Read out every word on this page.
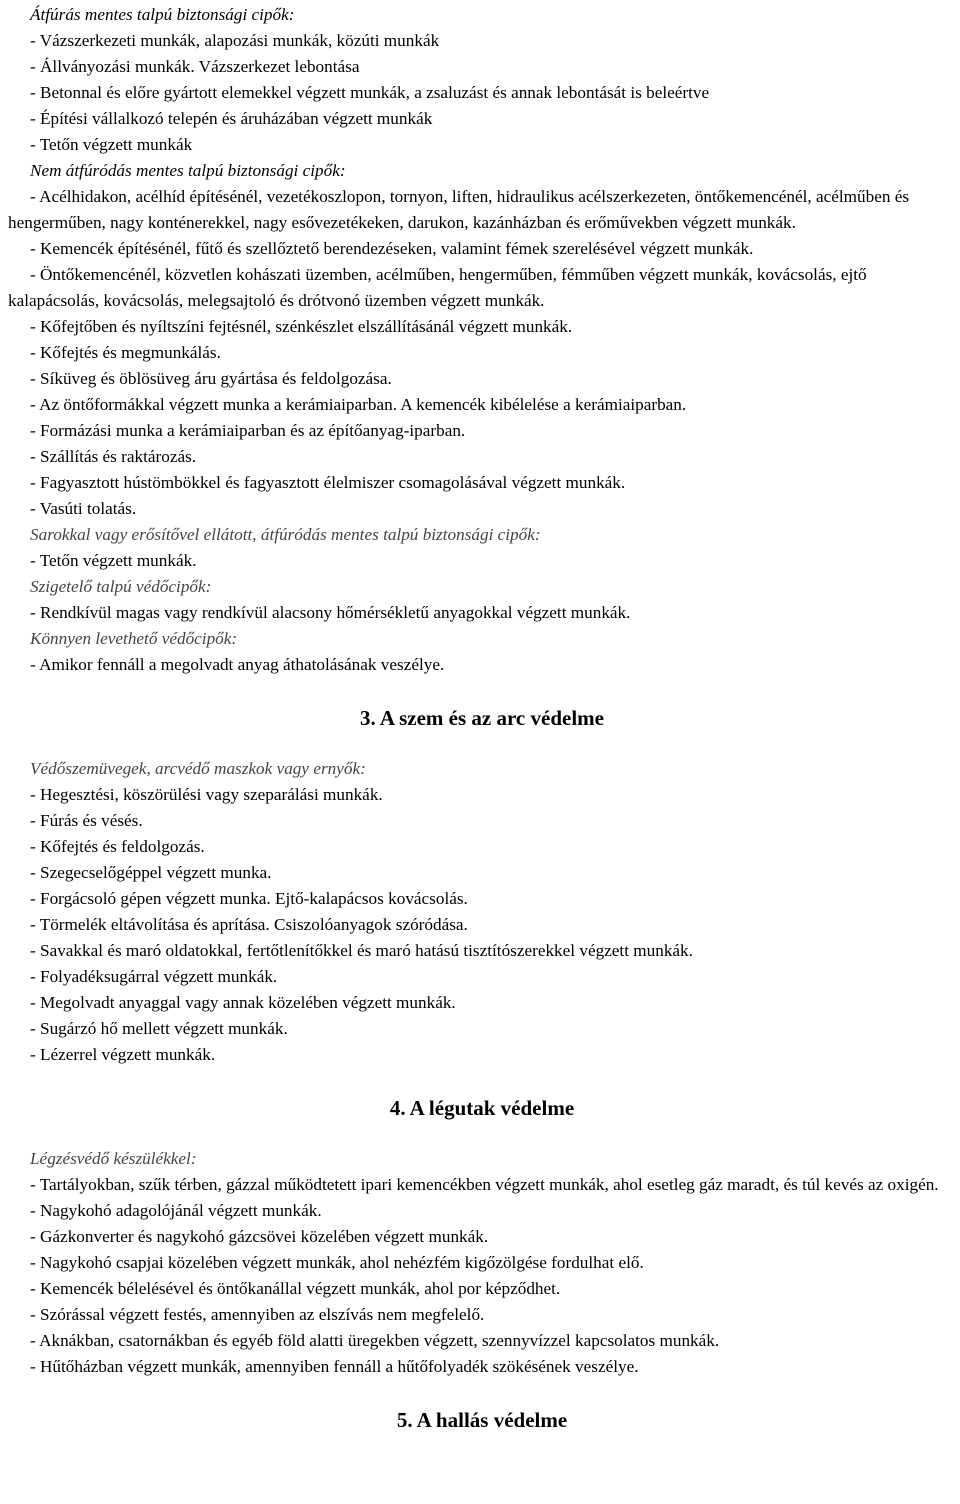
Átfúrás mentes talpú biztonsági cipők:

- Vázszerkezeti munkák, alapozási munkák, közúti munkák

- Állványozási munkák. Vázszerkezet lebontása

- Betonnal és előre gyártott elemekkel végzett munkák, a zsaluzást és annak lebontását is beleértve

- Építési vállalkozó telepén és áruházában végzett munkák

- Tetőn végzett munkák

Nem átfúródás mentes talpú biztonsági cipők:

- Acélhidakon, acélhíd építésénél, vezetékoszlopon, tornyon, liften, hidraulikus acélszerkezeten, öntőkemencénél, acélműben és hengerműben, nagy konténerekkel, nagy esővezetékeken, darukon, kazánházban és erőművekben végzett munkák.

- Kemencék építésénél, fűtő és szellőztető berendezéseken, valamint fémek szerelésével végzett munkák.

- Öntőkemencénél, közvetlen kohászati üzemben, acélműben, hengerműben, fémműben végzett munkák, kovácsolás, ejtő kalapácsolás, kovácsolás, melegsajtoló és drótvonó üzemben végzett munkák.

- Kőfejtőben és nyíltszíni fejtésnél, szénkészlet elszállításánál végzett munkák.

- Kőfejtés és megmunkálás.

- Síküveg és öblösüveg áru gyártása és feldolgozása.

- Az öntőformákkal végzett munka a kerámiaiparban. A kemencék kibélelése a kerámiaiparban.

- Formázási munka a kerámiaiparban és az építőanyag-iparban.

- Szállítás és raktározás.

- Fagyasztott hústömbökkel és fagyasztott élelmiszer csomagolásával végzett munkák.

- Vasúti tolatás.

Sarokkal vagy erősítővel ellátott, átfúródás mentes talpú biztonsági cipők:

- Tetőn végzett munkák.

Szigetelő talpú védőcipők:

- Rendkívül magas vagy rendkívül alacsony hőmérsékletű anyagokkal végzett munkák.

Könnyen levethető védőcipők:

- Amikor fennáll a megolvadt anyag áthatolásának veszélye.

3. A szem és az arc védelme

Védőszemüvegek, arcvédő maszkok vagy ernyők:

- Hegesztési, köszörülési vagy szeparálási munkák.

- Fúrás és vésés.

- Kőfejtés és feldolgozás.

- Szegecselőgéppel végzett munka.

- Forgácsoló gépen végzett munka. Ejtő-kalapácsos kovácsolás.

- Törmelék eltávolítása és aprítása. Csiszolóanyagok szóródása.

- Savakkal és maró oldatokkal, fertőtlenítőkkel és maró hatású tisztítószerekkel végzett munkák.

- Folyadéksugárral végzett munkák.

- Megolvadt anyaggal vagy annak közelében végzett munkák.

- Sugárzó hő mellett végzett munkák.

- Lézerrel végzett munkák.

4. A légutak védelme

Légzésvédő készülékkel:

- Tartályokban, szűk térben, gázzal működtetett ipari kemencékben végzett munkák, ahol esetleg gáz maradt, és túl kevés az oxigén.

- Nagykohó adagolójánál végzett munkák.

- Gázkonverter és nagykohó gázcsövei közelében végzett munkák.

- Nagykohó csapjai közelében végzett munkák, ahol nehézfém kigőzölgése fordulhat elő.

- Kemencék bélelésével és öntőkanállal végzett munkák, ahol por képződhet.

- Szórással végzett festés, amennyiben az elszívás nem megfelelő.

- Aknákban, csatornákban és egyéb föld alatti üregekben végzett, szennyvízzel kapcsolatos munkák.

- Hűtőházban végzett munkák, amennyiben fennáll a hűtőfolyadék szökésének veszélye.

5. A hallás védelme
